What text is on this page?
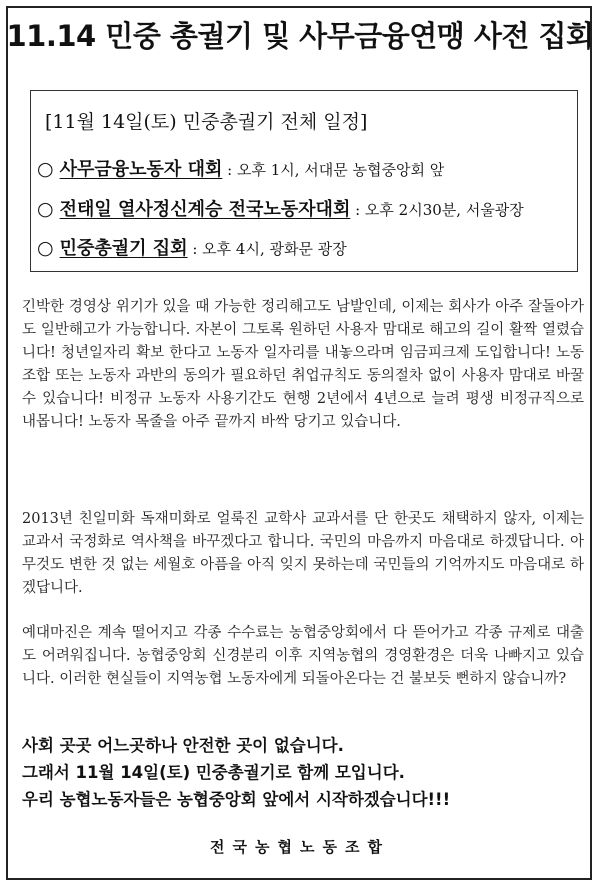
11.14 민중 총궐기 및 사무금융연맹 사전 집회
[11월 14일(토) 민중총궐기 전체 일정]
○ 사무금융노동자 대회 : 오후 1시, 서대문 농협중앙회 앞
○ 전태일 열사정신계승 전국노동자대회 : 오후 2시30분, 서울광장
○ 민중총궐기 집회 : 오후 4시, 광화문 광장

긴박한 경영상 위기가 있을 때 가능한 정리해고도 남발인데, 이제는 회사가 아주 잘돌아가도 일반해고가 가능합니다. 자본이 그토록 원하던 사용자 맘대로 해고의 길이 활짝 열렸습니다! 청년일자리 확보 한다고 노동자 일자리를 내놓으라며 임금피크제 도입합니다! 노동조합 또는 노동자 과반의 동의가 필요하던 취업규칙도 동의절차 없이 사용자 맘대로 바꿀 수 있습니다! 비정규 노동자 사용기간도 현행 2년에서 4년으로 늘려 평생 비정규직으로 내몹니다! 노동자 목줄을 아주 끝까지 바싹 당기고 있습니다.

2013년 친일미화 독재미화로 얼룩진 교학사 교과서를 단 한곳도 채택하지 않자, 이제는 교과서 국정화로 역사책을 바꾸겠다고 합니다. 국민의 마음까지 마음대로 하겠답니다. 아무것도 변한 것 없는 세월호 아픔을 아직 잊지 못하는데 국민들의 기억까지도 마음대로 하겠답니다.

예대마진은 계속 떨어지고 각종 수수료는 농협중앙회에서 다 뜯어가고 각종 규제로 대출도 어려워집니다. 농협중앙회 신경분리 이후 지역농협의 경영환경은 더욱 나빠지고 있습니다. 이러한 현실들이 지역농협 노동자에게 되돌아온다는 건 불보듯 뻔하지 않습니까?

사회 곳곳 어느곳하나 안전한 곳이 없습니다.

그래서 11월 14일(토) 민중총궐기로 함께 모입니다.

우리 농협노동자들은 농협중앙회 앞에서 시작하겠습니다!!!

전국농협노동조합
